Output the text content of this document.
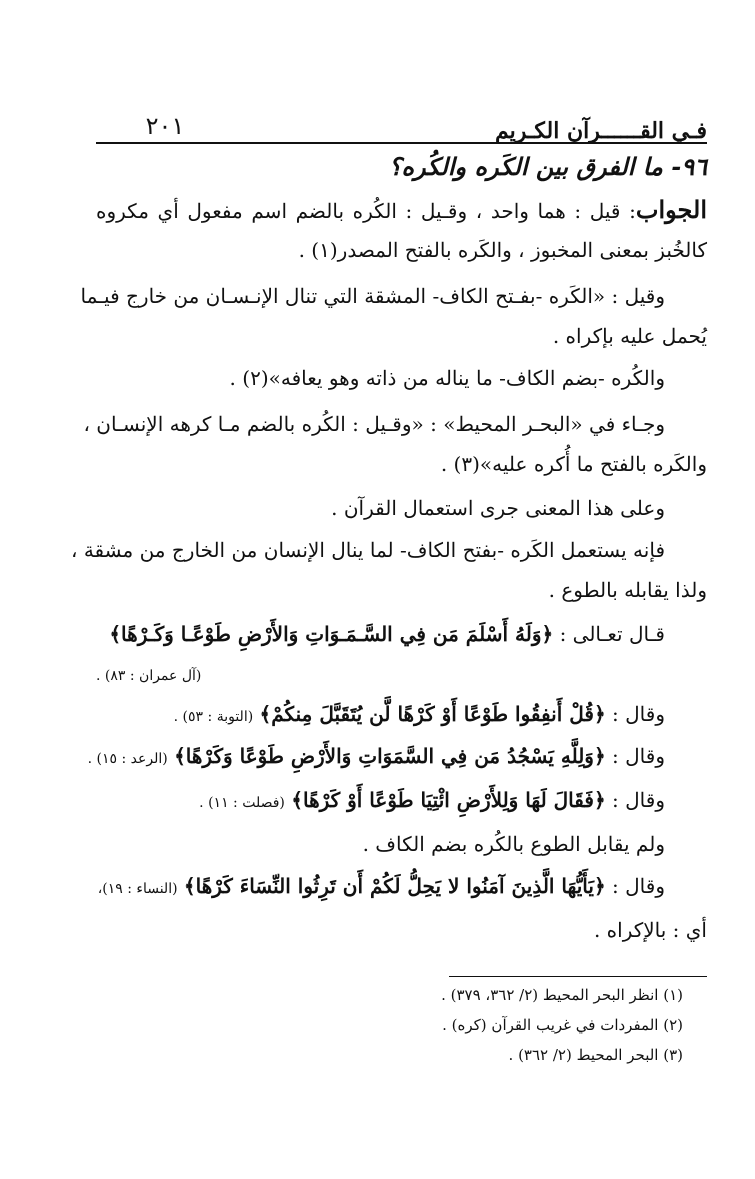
فـي القــــــرآن الكـريم
٢٠١
٩٦- ما الفرق بين الكَره والكُره؟
الجواب: قيل : هما واحد ، وقـيل : الكُره بالضم اسم مفعول أي مكروه
كالخُبز بمعنى المخبوز ، والكَره بالفتح المصدر(١) .
وقيل : «الكَره -بفـتح الكاف- المشقة التي تنال الإنـسـان من خارج فيـما
يُحمل عليه بإكراه .
والكُره -بضم الكاف- ما يناله من ذاته وهو يعافه»(٢) .
وجـاء في «البحـر المحيط» : «وقـيل : الكُره بالضم مـا كرهه الإنسـان ،
والكَره بالفتح ما أُكره عليه»(٣) .
وعلى هذا المعنى جرى استعمال القرآن .
فإنه يستعمل الكَره -بفتح الكاف- لما ينال الإنسان من الخارج من مشقة ،
ولذا يقابله بالطوع .
قـال تعـالى : ﴿وَلَهُ أَسْلَمَ مَن فِي السَّـمَـوَاتِ وَالأَرْضِ طَوْعًـا وَكَـرْهًا﴾
(آل عمران : ٨٣) .
وقال : ﴿قُلْ أَنفِقُوا طَوْعًا أَوْ كَرْهًا لَّن يُتَقَبَّلَ مِنكُمْ﴾ (التوبة : ٥٣) .
وقال : ﴿وَلِلَّهِ يَسْجُدُ مَن فِي السَّمَوَاتِ وَالأَرْضِ طَوْعًا وَكَرْهًا﴾ (الرعد : ١٥) .
وقال : ﴿فَقَالَ لَهَا وَلِلأَرْضِ ائْتِيَا طَوْعًا أَوْ كَرْهًا﴾ (فصلت : ١١) .
ولم يقابل الطوع بالكُره بضم الكاف .
وقال : ﴿يَأَيُّهَا الَّذِينَ آمَنُوا لا يَحِلُّ لَكُمْ أَن تَرِثُوا النِّسَاءَ كَرْهًا﴾ (النساء : ١٩)،
أي : بالإكراه .
(١) انظر البحر المحيط (٢/ ٣٦٢، ٣٧٩) .
(٢) المفردات في غريب القرآن (كره) .
(٣) البحر المحيط (٢/ ٣٦٢) .
